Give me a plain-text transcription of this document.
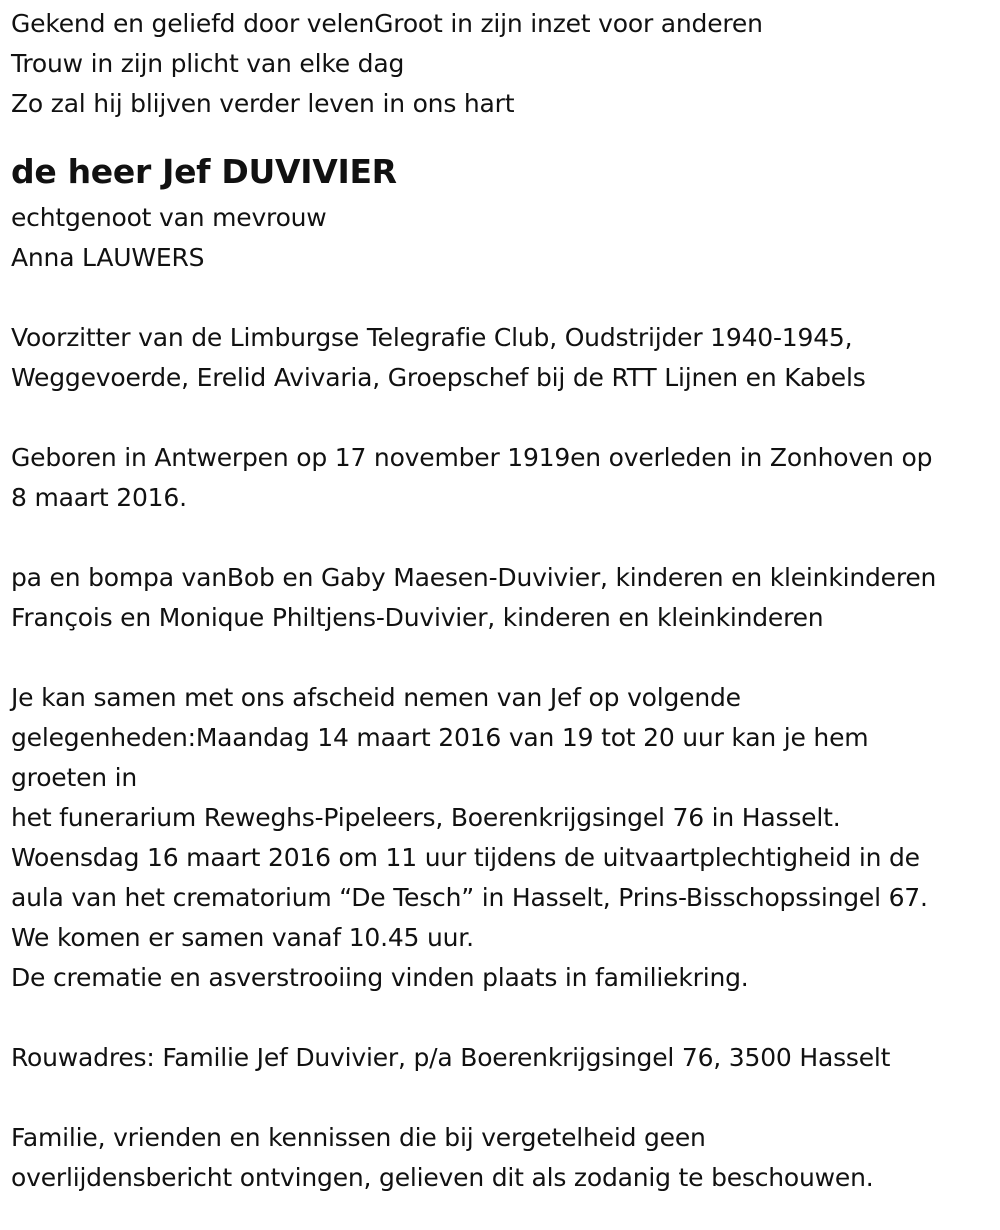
Gekend en geliefd door velenGroot in zijn inzet voor anderen
Trouw in zijn plicht van elke dag
Zo zal hij blijven verder leven in ons hart
de heer Jef DUVIVIER
echtgenoot van mevrouw
Anna LAUWERS
Voorzitter van de Limburgse Telegrafie Club, Oudstrijder 1940-1945,
Weggevoerde, Erelid Avivaria, Groepschef bij de RTT Lijnen en Kabels
Geboren in Antwerpen op 17 november 1919en overleden in Zonhoven op
8 maart 2016.
pa en bompa vanBob en Gaby Maesen-Duvivier, kinderen en kleinkinderen
François en Monique Philtjens-Duvivier, kinderen en kleinkinderen
Je kan samen met ons afscheid nemen van Jef op volgende
gelegenheden:Maandag 14 maart 2016 van 19 tot 20 uur kan je hem
groeten in
het funerarium Reweghs-Pipeleers, Boerenkrijgsingel 76 in Hasselt.
Woensdag 16 maart 2016 om 11 uur tijdens de uitvaartplechtigheid in de
aula van het crematorium “De Tesch” in Hasselt, Prins-Bisschopssingel 67.
We komen er samen vanaf 10.45 uur.
De crematie en asverstrooiing vinden plaats in familiekring.
Rouwadres: Familie Jef Duvivier, p/a Boerenkrijgsingel 76, 3500 Hasselt
Familie, vrienden en kennissen die bij vergetelheid geen
overlijdensbericht ontvingen, gelieven dit als zodanig te beschouwen.
